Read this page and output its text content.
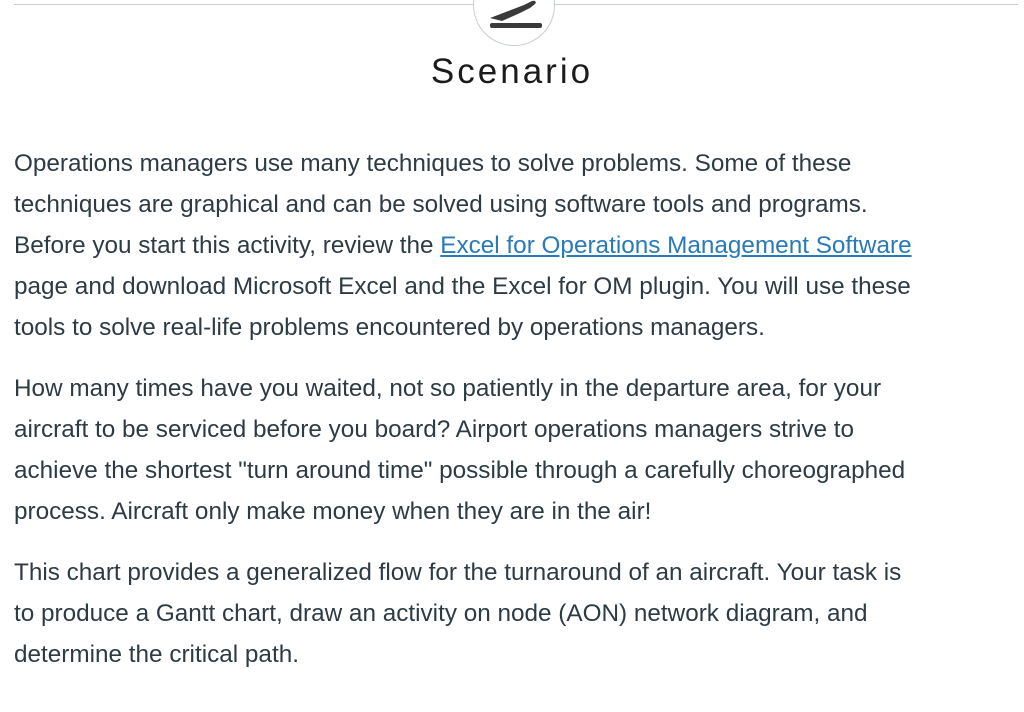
Scenario

Operations managers use many techniques to solve problems. Some of these
techniques are graphical and can be solved using software tools and programs.
Before you start this activity, review the Excel for Operations Management Software
page and download Microsoft Excel and the Excel for OM plugin. You will use these
tools to solve real-life problems encountered by operations managers.

How many times have you waited, not so patiently in the departure area, for your
aircraft to be serviced before you board? Airport operations managers strive to
achieve the shortest "turn around time" possible through a carefully choreographed
process. Aircraft only make money when they are in the air!

This chart provides a generalized flow for the turnaround of an aircraft. Your task is
to produce a Gantt chart, draw an activity on node (AON) network diagram, and
determine the critical path.
